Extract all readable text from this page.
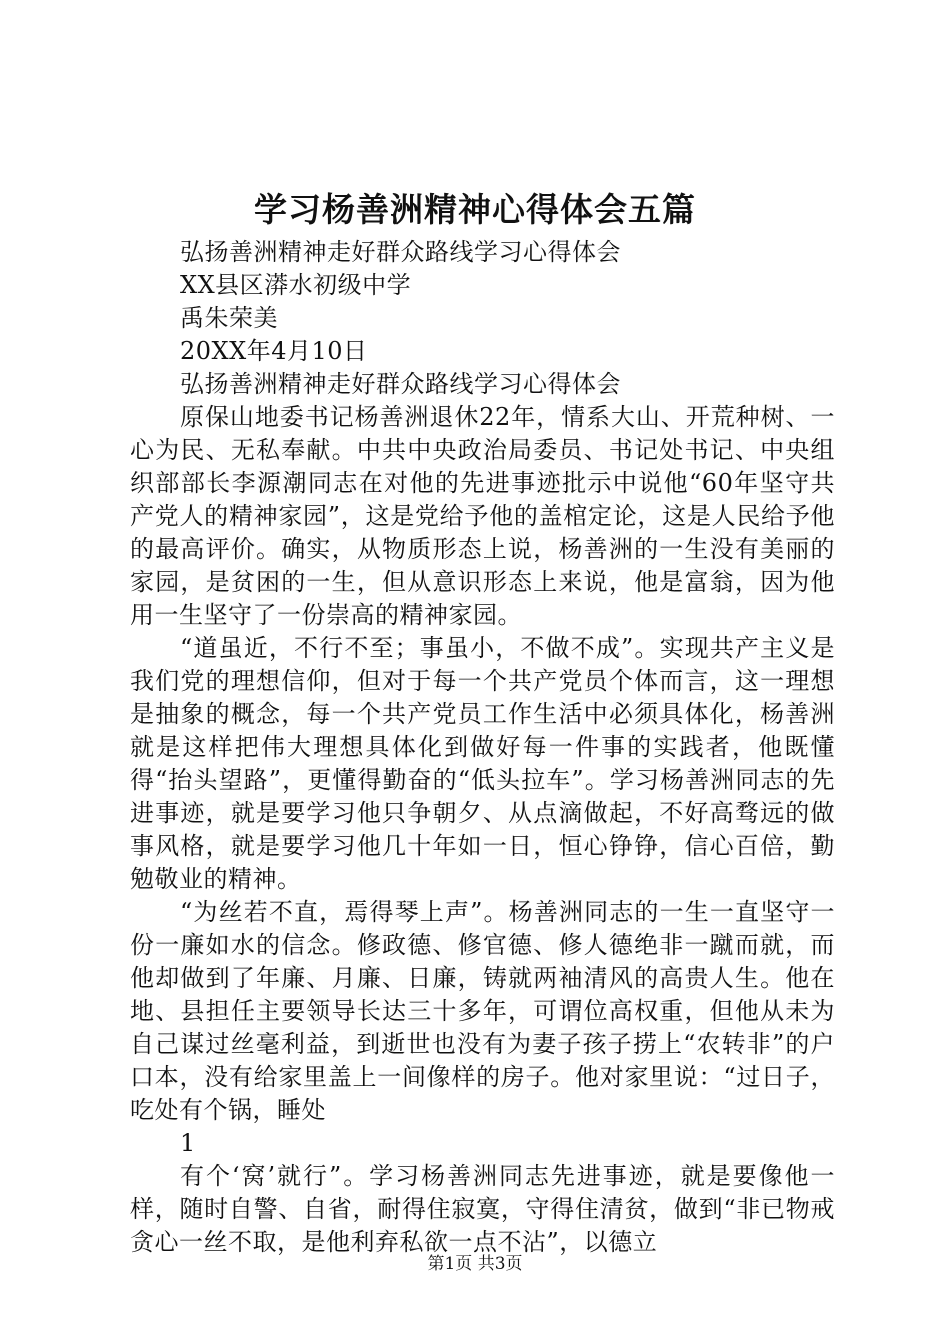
学习杨善洲精神心得体会五篇

弘扬善洲精神走好群众路线学习心得体会

XX县区漭水初级中学

禹朱荣美

20XX年4月10日

弘扬善洲精神走好群众路线学习心得体会

原保山地委书记杨善洲退休22年，情系大山、开荒种树、一心为民、无私奉献。中共中央政治局委员、书记处书记、中央组织部部长李源潮同志在对他的先进事迹批示中说他“60年坚守共产党人的精神家园”，这是党给予他的盖棺定论，这是人民给予他的最高评价。确实，从物质形态上说，杨善洲的一生没有美丽的家园，是贫困的一生，但从意识形态上来说，他是富翁，因为他用一生坚守了一份崇高的精神家园。

“道虽近，不行不至；事虽小，不做不成”。实现共产主义是我们党的理想信仰，但对于每一个共产党员个体而言，这一理想是抽象的概念，每一个共产党员工作生活中必须具体化，杨善洲就是这样把伟大理想具体化到做好每一件事的实践者，他既懂得“抬头望路”，更懂得勤奋的“低头拉车”。学习杨善洲同志的先进事迹，就是要学习他只争朝夕、从点滴做起，不好高骛远的做事风格，就是要学习他几十年如一日，恒心铮铮，信心百倍，勤勉敬业的精神。

“为丝若不直，焉得琴上声”。杨善洲同志的一生一直坚守一份一廉如水的信念。修政德、修官德、修人德绝非一蹴而就，而他却做到了年廉、月廉、日廉，铸就两袖清风的高贵人生。他在地、县担任主要领导长达三十多年，可谓位高权重，但他从未为自己谋过丝毫利益，到逝世也没有为妻子孩子捞上“农转非”的户口本，没有给家里盖上一间像样的房子。他对家里说：“过日子，吃处有个锅，睡处

1

有个‘窝’就行”。学习杨善洲同志先进事迹，就是要像他一样，随时自警、自省，耐得住寂寞，守得住清贫，做到“非已物戒贪心一丝不取，是他利弃私欲一点不沾”，以德立

第1页 共3页
